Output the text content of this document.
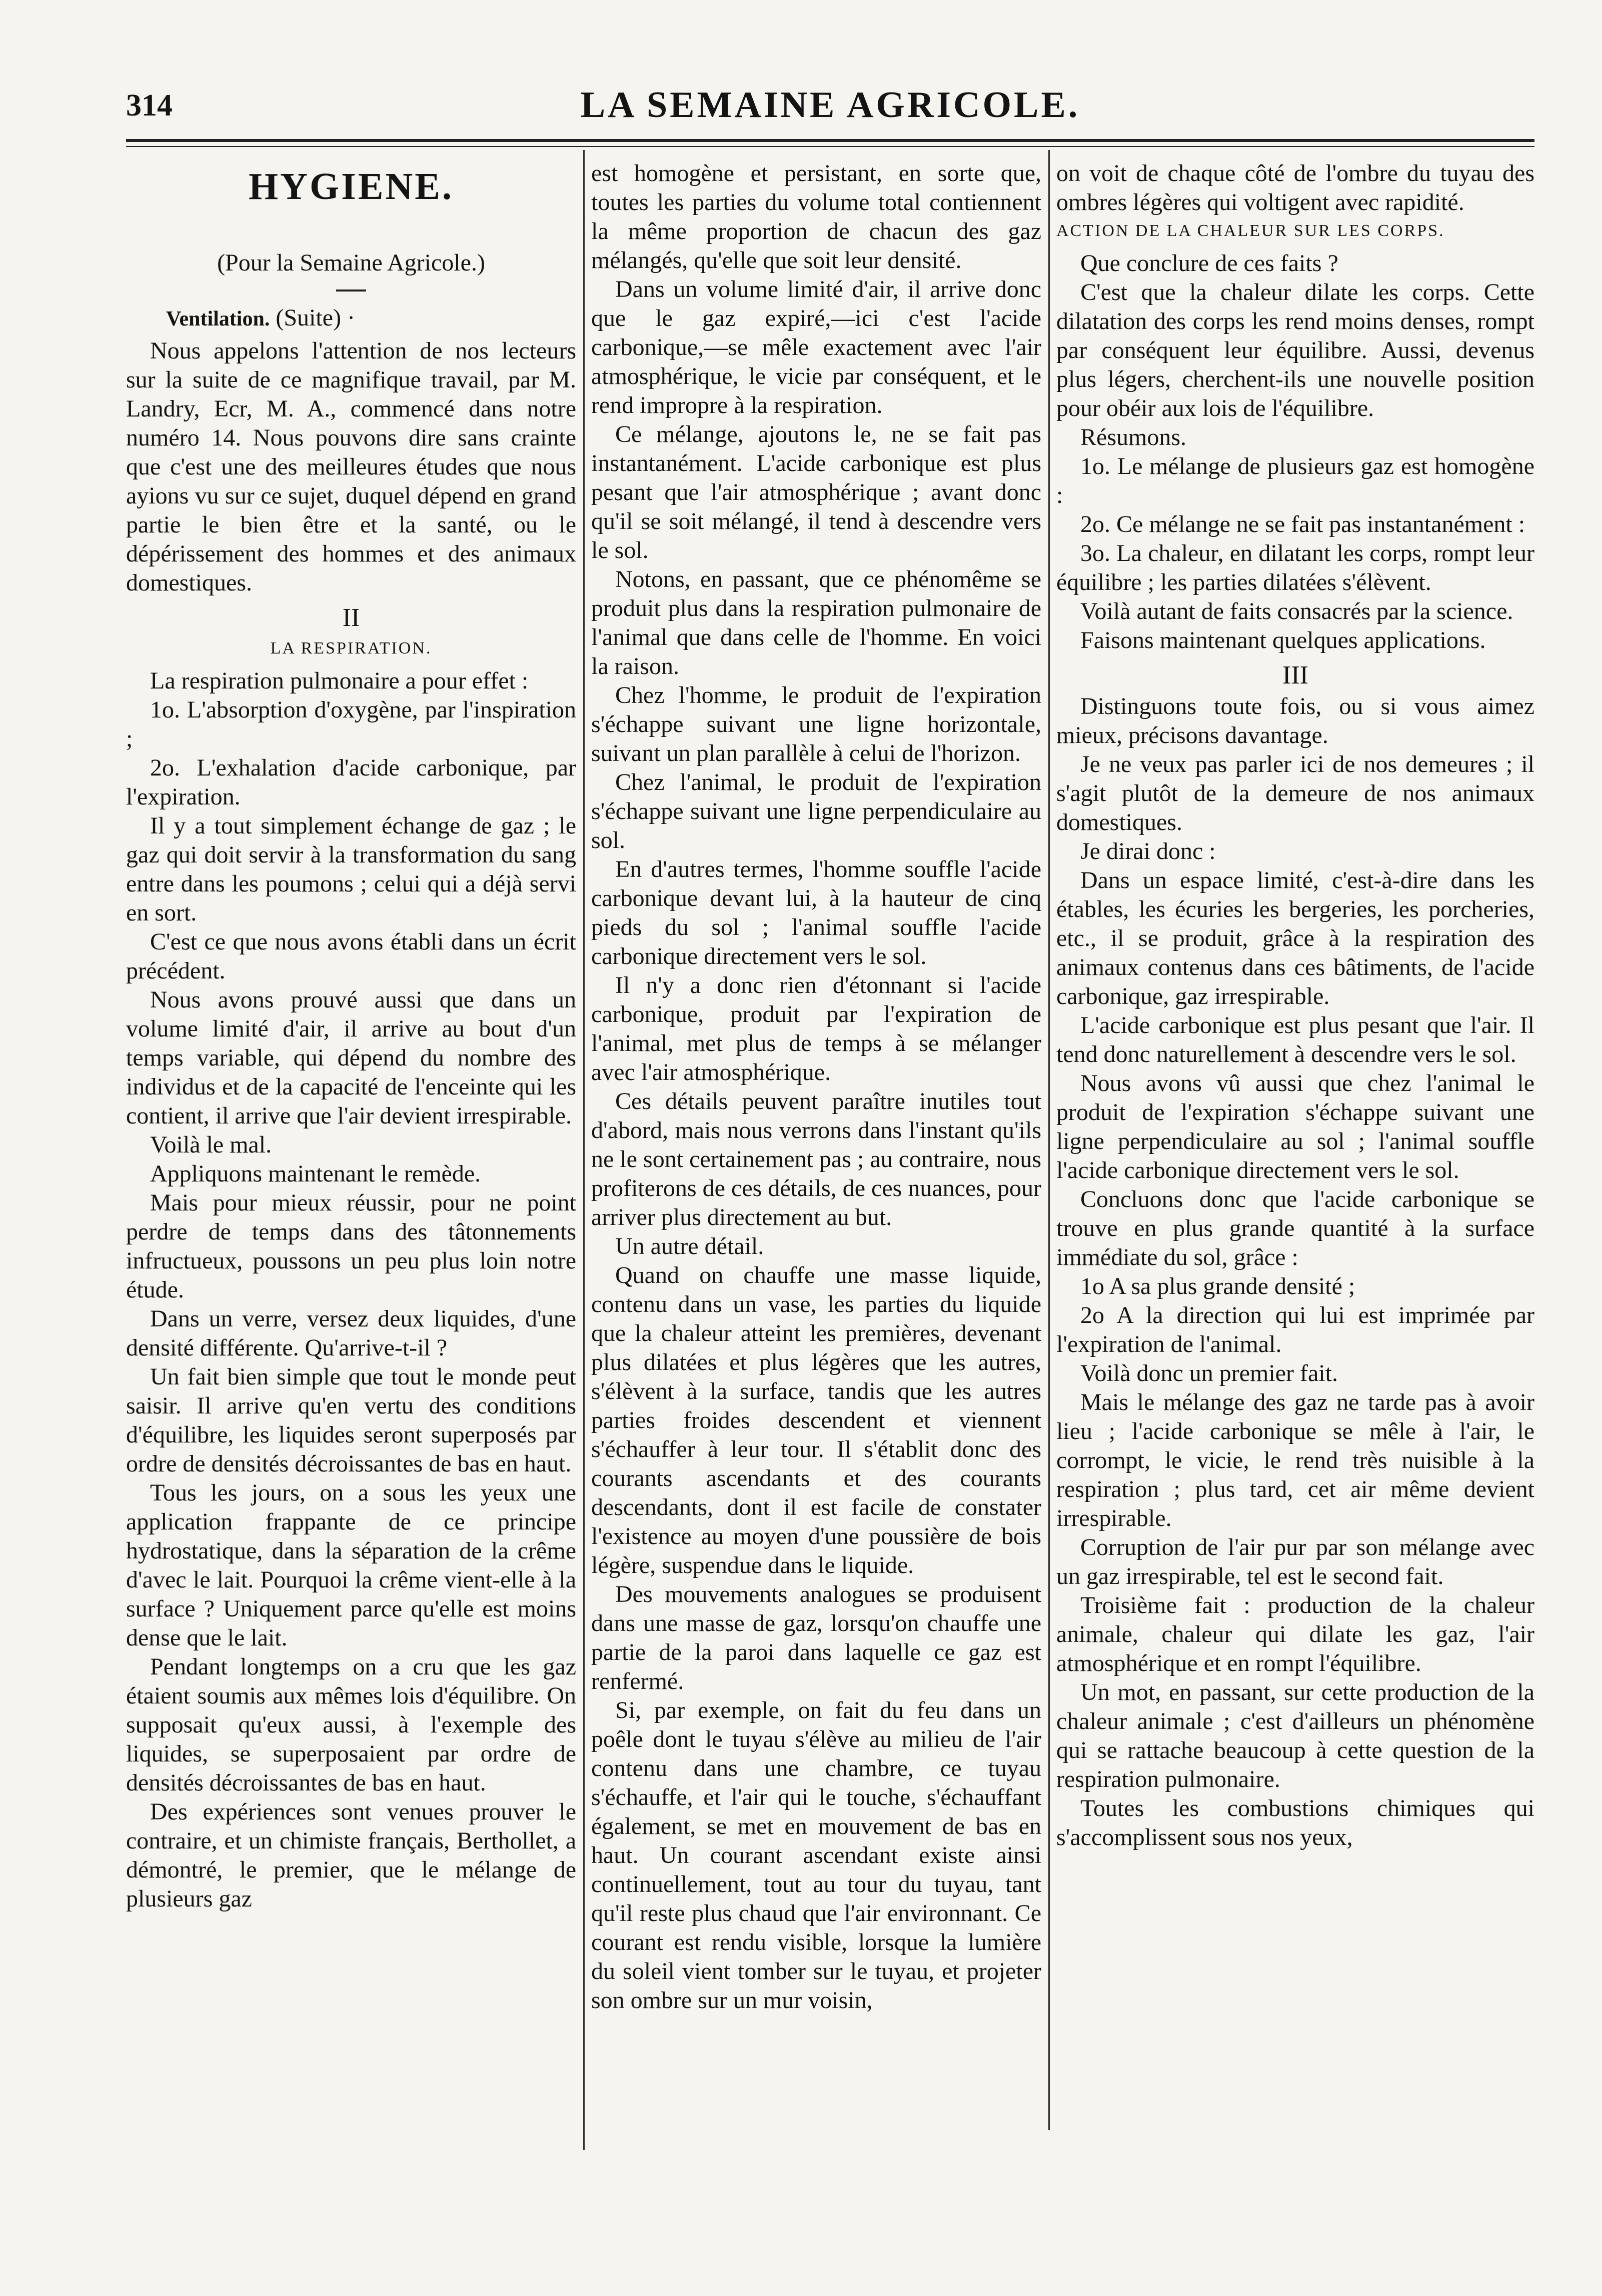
314	LA SEMAINE AGRICOLE.
HYGIENE.
(Pour la Semaine Agricole.)
Ventilation. (Suite) ·

Nous appelons l'attention de nos lecteurs sur la suite de ce magnifique travail, par M. Landry, Ecr, M. A., commencé dans notre numéro 14. Nous pouvons dire sans crainte que c'est une des meilleures études que nous ayions vu sur ce sujet, duquel dépend en grand partie le bien être et la santé, ou le dépérissement des hommes et des animaux domestiques.

II
LA RESPIRATION.

La respiration pulmonaire a pour effet :

1o. L'absorption d'oxygène, par l'inspiration ;

2o. L'exhalation d'acide carbonique, par l'expiration.

Il y a tout simplement échange de gaz ; le gaz qui doit servir à la transformation du sang entre dans les poumons ; celui qui a déjà servi en sort.

C'est ce que nous avons établi dans un écrit précédent.

Nous avons prouvé aussi que dans un volume limité d'air, il arrive au bout d'un temps variable, qui dépend du nombre des individus et de la capacité de l'enceinte qui les contient, il arrive que l'air devient irrespirable.

Voilà le mal.

Appliquons maintenant le remède.

Mais pour mieux réussir, pour ne point perdre de temps dans des tâtonnements infructueux, poussons un peu plus loin notre étude.

Dans un verre, versez deux liquides, d'une densité différente. Qu'arrive-t-il ?

Un fait bien simple que tout le monde peut saisir. Il arrive qu'en vertu des conditions d'équilibre, les liquides seront superposés par ordre de densités décroissantes de bas en haut.

Tous les jours, on a sous les yeux une application frappante de ce principe hydrostatique, dans la séparation de la crême d'avec le lait. Pourquoi la crême vient-elle à la surface ? Uniquement parce qu'elle est moins dense que le lait.

Pendant longtemps on a cru que les gaz étaient soumis aux mêmes lois d'équilibre. On supposait qu'eux aussi, à l'exemple des liquides, se superposaient par ordre de densités décroissantes de bas en haut.

Des expériences sont venues prouver le contraire, et un chimiste français, Berthollet, a démontré, le premier, que le mélange de plusieurs gaz

est homogène et persistant, en sorte que, toutes les parties du volume total contiennent la même proportion de chacun des gaz mélangés, qu'elle que soit leur densité.

Dans un volume limité d'air, il arrive donc que le gaz expiré,—ici c'est l'acide carbonique,—se mêle exactement avec l'air atmosphérique, le vicie par conséquent, et le rend impropre à la respiration.

Ce mélange, ajoutons le, ne se fait pas instantanément. L'acide carbonique est plus pesant que l'air atmosphérique ; avant donc qu'il se soit mélangé, il tend à descendre vers le sol.

Notons, en passant, que ce phénomême se produit plus dans la respiration pulmonaire de l'animal que dans celle de l'homme. En voici la raison.

Chez l'homme, le produit de l'expiration s'échappe suivant une ligne horizontale, suivant un plan parallèle à celui de l'horizon.

Chez l'animal, le produit de l'expiration s'échappe suivant une ligne perpendiculaire au sol.

En d'autres termes, l'homme souffle l'acide carbonique devant lui, à la hauteur de cinq pieds du sol ; l'animal souffle l'acide carbonique directement vers le sol.

Il n'y a donc rien d'étonnant si l'acide carbonique, produit par l'expiration de l'animal, met plus de temps à se mélanger avec l'air atmosphérique.

Ces détails peuvent paraître inutiles tout d'abord, mais nous verrons dans l'instant qu'ils ne le sont certainement pas ; au contraire, nous profiterons de ces détails, de ces nuances, pour arriver plus directement au but.

Un autre détail.

Quand on chauffe une masse liquide, contenu dans un vase, les parties du liquide que la chaleur atteint les premières, devenant plus dilatées et plus légères que les autres, s'élèvent à la surface, tandis que les autres parties froides descendent et viennent s'échauffer à leur tour. Il s'établit donc des courants ascendants et des courants descendants, dont il est facile de constater l'existence au moyen d'une poussière de bois légère, suspendue dans le liquide.

Des mouvements analogues se produisent dans une masse de gaz, lorsqu'on chauffe une partie de la paroi dans laquelle ce gaz est renfermé.

Si, par exemple, on fait du feu dans un poêle dont le tuyau s'élève au milieu de l'air contenu dans une chambre, ce tuyau s'échauffe, et l'air qui le touche, s'échauffant également, se met en mouvement de bas en haut. Un courant ascendant existe ainsi continuellement, tout au tour du tuyau, tant qu'il reste plus chaud que l'air environnant. Ce courant est rendu visible, lorsque la lumière du soleil vient tomber sur le tuyau, et projeter son ombre sur un mur voisin,

on voit de chaque côté de l'ombre du tuyau des ombres légères qui voltigent avec rapidité.

ACTION DE LA CHALEUR SUR LES CORPS.

Que conclure de ces faits ?

C'est que la chaleur dilate les corps. Cette dilatation des corps les rend moins denses, rompt par conséquent leur équilibre. Aussi, devenus plus légers, cherchent-ils une nouvelle position pour obéir aux lois de l'équilibre.

Résumons.

1o. Le mélange de plusieurs gaz est homogène :

2o. Ce mélange ne se fait pas instantanément :

3o. La chaleur, en dilatant les corps, rompt leur équilibre ; les parties dilatées s'élèvent.

Voilà autant de faits consacrés par la science.

Faisons maintenant quelques applications.

III

Distinguons toute fois, ou si vous aimez mieux, précisons davantage.

Je ne veux pas parler ici de nos demeures ; il s'agit plutôt de la demeure de nos animaux domestiques.

Je dirai donc :

Dans un espace limité, c'est-à-dire dans les étables, les écuries les bergeries, les porcheries, etc., il se produit, grâce à la respiration des animaux contenus dans ces bâtiments, de l'acide carbonique, gaz irrespirable.

L'acide carbonique est plus pesant que l'air. Il tend donc naturellement à descendre vers le sol.

Nous avons vû aussi que chez l'animal le produit de l'expiration s'échappe suivant une ligne perpendiculaire au sol ; l'animal souffle l'acide carbonique directement vers le sol.

Concluons donc que l'acide carbonique se trouve en plus grande quantité à la surface immédiate du sol, grâce :

1o A sa plus grande densité ;

2o A la direction qui lui est imprimée par l'expiration de l'animal.

Voilà donc un premier fait.

Mais le mélange des gaz ne tarde pas à avoir lieu ; l'acide carbonique se mêle à l'air, le corrompt, le vicie, le rend très nuisible à la respiration ; plus tard, cet air même devient irrespirable.

Corruption de l'air pur par son mélange avec un gaz irrespirable, tel est le second fait.

Troisième fait : production de la chaleur animale, chaleur qui dilate les gaz, l'air atmosphérique et en rompt l'équilibre.

Un mot, en passant, sur cette production de la chaleur animale ; c'est d'ailleurs un phénomène qui se rattache beaucoup à cette question de la respiration pulmonaire.

Toutes les combustions chimiques qui s'accomplissent sous nos yeux,
